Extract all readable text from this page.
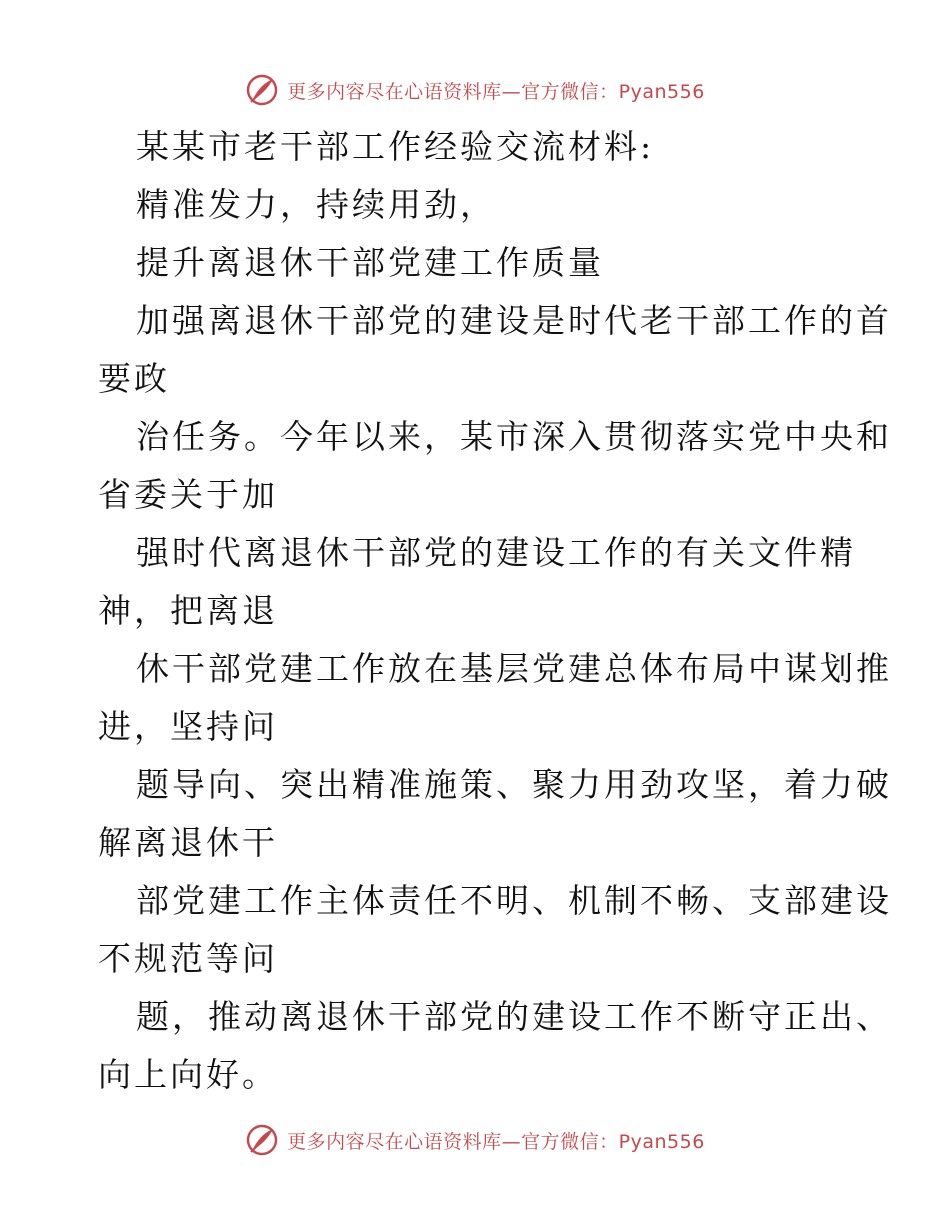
更多内容尽在心语资料库—官方微信：Pyan556
某某市老干部工作经验交流材料:
精准发力，持续用劲，
提升离退休干部党建工作质量
加强离退休干部党的建设是时代老干部工作的首
要政
治任务。今年以来，某市深入贯彻落实党中央和
省委关于加
强时代离退休干部党的建设工作的有关文件精
神，把离退
休干部党建工作放在基层党建总体布局中谋划推
进，坚持问
题导向、突出精准施策、聚力用劲攻坚，着力破
解离退休干
部党建工作主体责任不明、机制不畅、支部建设
不规范等问
题，推动离退休干部党的建设工作不断守正出、
向上向好。
更多内容尽在心语资料库—官方微信：Pyan556
